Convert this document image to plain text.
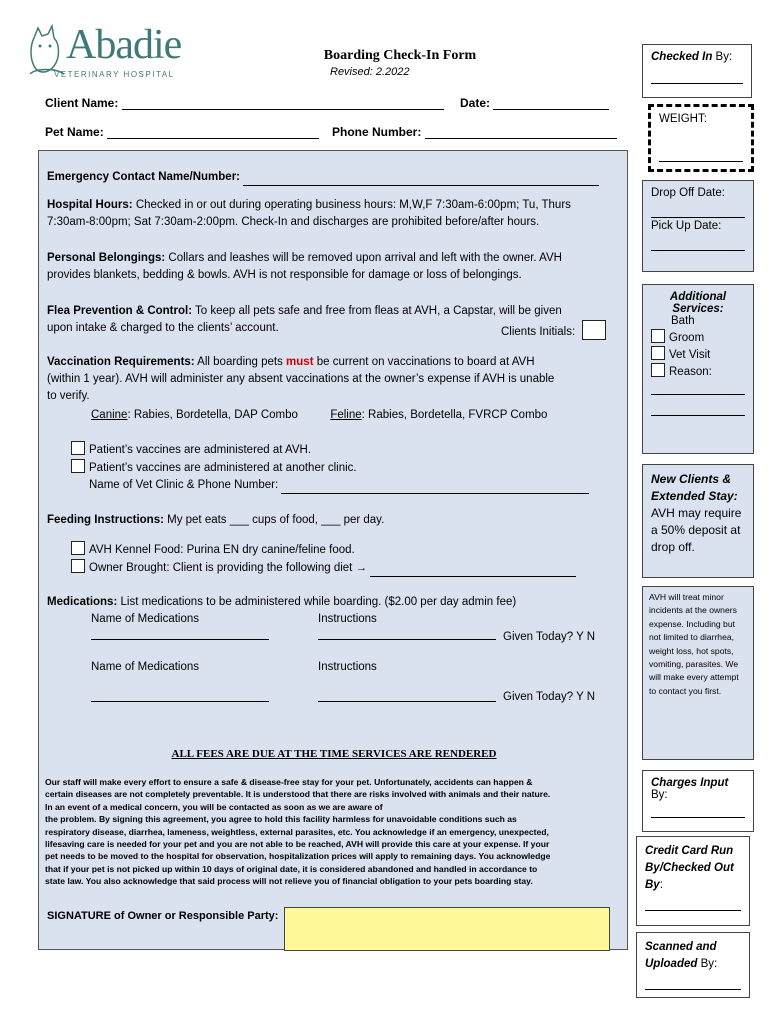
Abadie
VETERINARY HOSPITAL
Boarding Check-In Form
Revised: 2.2022
Client Name:	Date:
Pet Name:	Phone Number:
Emergency Contact Name/Number:
Hospital Hours: Checked in or out during operating business hours: M,W,F 7:30am-6:00pm; Tu, Thurs
7:30am-8:00pm; Sat 7:30am-2:00pm. Check-In and discharges are prohibited before/after hours.
Personal Belongings: Collars and leashes will be removed upon arrival and left with the owner. AVH
provides blankets, bedding & bowls. AVH is not responsible for damage or loss of belongings.
Flea Prevention & Control: To keep all pets safe and free from fleas at AVH, a Capstar, will be given
upon intake & charged to the clients’ account.	Clients Initials:
Vaccination Requirements: All boarding pets must be current on vaccinations to board at AVH
(within 1 year). AVH will administer any absent vaccinations at the owner’s expense if AVH is unable
to verify.
Canine: Rabies, Bordetella, DAP Combo	Feline: Rabies, Bordetella, FVRCP Combo
Patient’s vaccines are administered at AVH.
Patient’s vaccines are administered at another clinic.
Name of Vet Clinic & Phone Number:
Feeding Instructions: My pet eats ___ cups of food, ___ per day.
AVH Kennel Food: Purina EN dry canine/feline food.
Owner Brought: Client is providing the following diet →
Medications: List medications to be administered while boarding. ($2.00 per day admin fee)
Name of Medications	Instructions
Given Today? Y N
Name of Medications	Instructions
Given Today? Y N
ALL FEES ARE DUE AT THE TIME SERVICES ARE RENDERED
Our staff will make every effort to ensure a safe & disease-free stay for your pet. Unfortunately, accidents can happen &
certain diseases are not completely preventable. It is understood that there are risks involved with animals and their nature.
In an event of a medical concern, you will be contacted as soon as we are aware of
the problem. By signing this agreement, you agree to hold this facility harmless for unavoidable conditions such as
respiratory disease, diarrhea, lameness, weightless, external parasites, etc. You acknowledge if an emergency, unexpected,
lifesaving care is needed for your pet and you are not able to be reached, AVH will provide this care at your expense. If your
pet needs to be moved to the hospital for observation, hospitalization prices will apply to remaining days. You acknowledge
that if your pet is not picked up within 10 days of original date, it is considered abandoned and handled in accordance to
state law. You also acknowledge that said process will not relieve you of financial obligation to your pets boarding stay.
SIGNATURE of Owner or Responsible Party:
Checked In By:
WEIGHT:
Drop Off Date:
Pick Up Date:
Additional Services:
Bath
Groom
Vet Visit
Reason:
New Clients & Extended Stay:
AVH may require a 50% deposit at drop off.
AVH will treat minor incidents at the owners expense. Including but not limited to diarrhea, weight loss, hot spots, vomiting, parasites. We will make every attempt to contact you first.
Charges Input
By:
Credit Card Run By/Checked Out By:
Scanned and Uploaded By:
